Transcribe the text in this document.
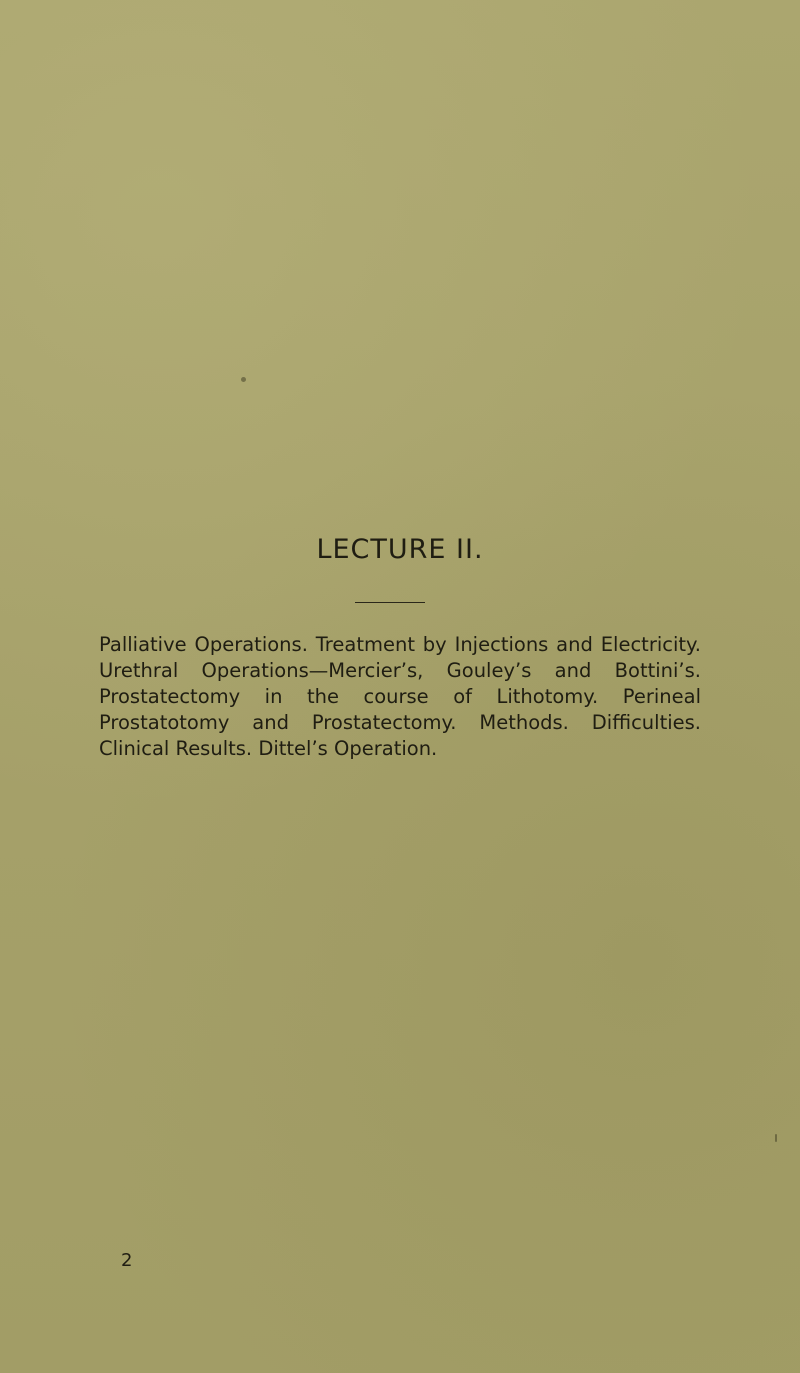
LECTURE II.

Palliative Operations. Treatment by Injections and Electricity. Urethral Operations—Mercier’s, Gouley’s and Bottini’s. Prostatectomy in the course of Lithotomy. Perineal Prostatotomy and Prostatectomy. Methods. Difficulties. Clinical Results. Dittel’s Operation.

2
